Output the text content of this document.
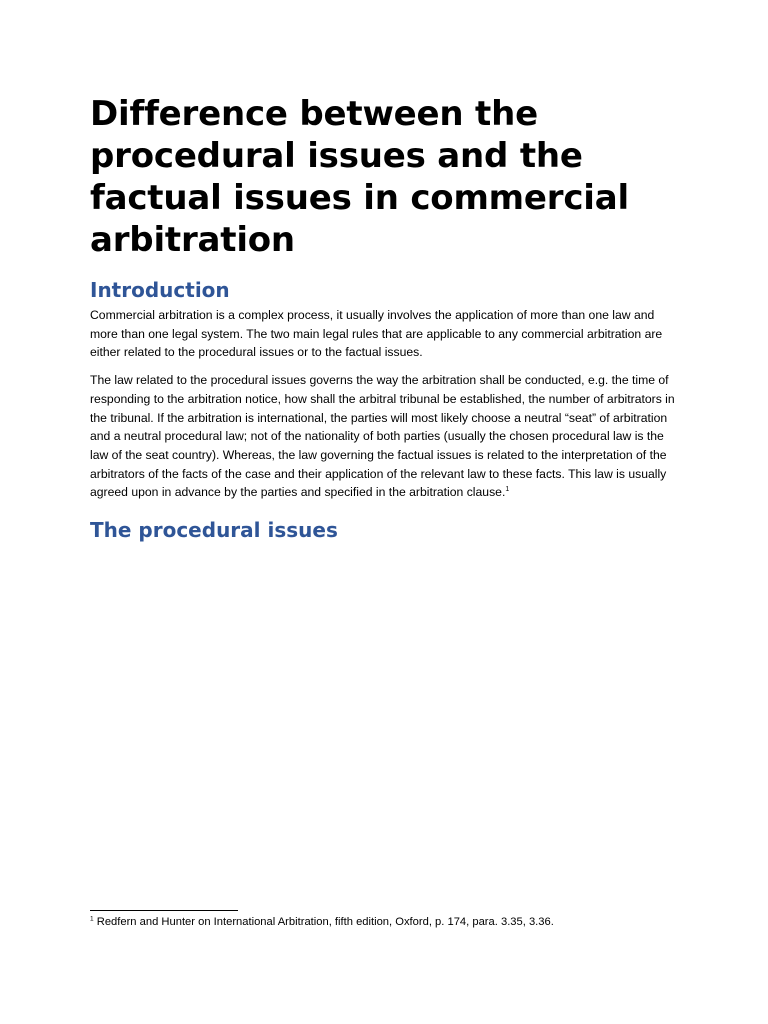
Difference between the procedural issues and the factual issues in commercial arbitration
Introduction

Commercial arbitration is a complex process, it usually involves the application of more than one law and more than one legal system. The two main legal rules that are applicable to any commercial arbitration are either related to the procedural issues or to the factual issues.

The law related to the procedural issues governs the way the arbitration shall be conducted, e.g. the time of responding to the arbitration notice, how shall the arbitral tribunal be established, the number of arbitrators in the tribunal. If the arbitration is international, the parties will most likely choose a neutral “seat” of arbitration and a neutral procedural law; not of the nationality of both parties (usually the chosen procedural law is the law of the seat country). Whereas, the law governing the factual issues is related to the interpretation of the arbitrators of the facts of the case and their application of the relevant law to these facts. This law is usually agreed upon in advance by the parties and specified in the arbitration clause.$^1$

The procedural issues

$^1$ Redfern and Hunter on International Arbitration, fifth edition, Oxford, p. 174, para. 3.35, 3.36.
